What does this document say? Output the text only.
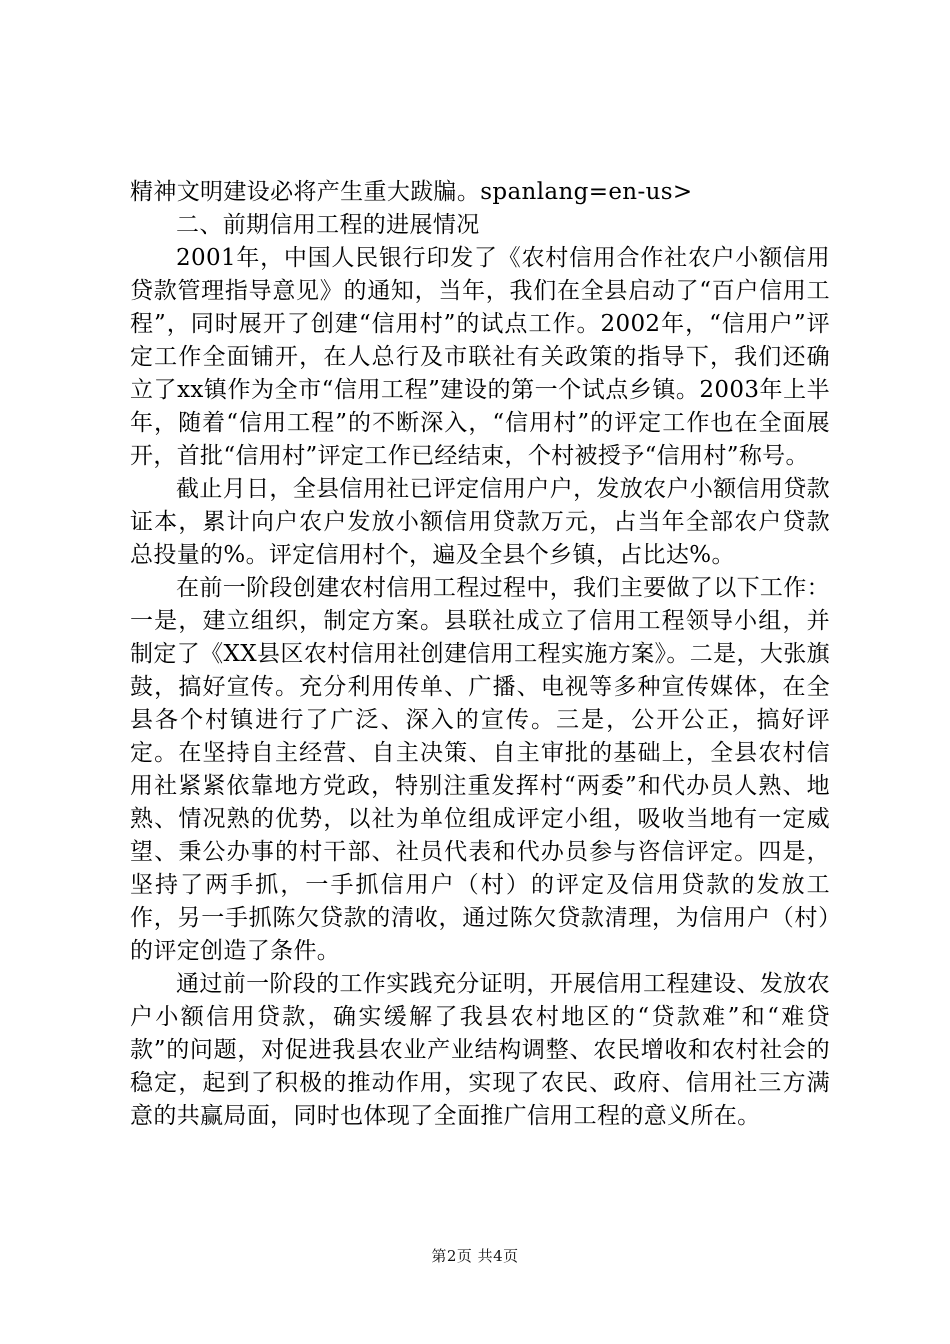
精神文明建设必将产生重大跋牑。spanlang=en-us>

二、前期信用工程的进展情况

2001年，中国人民银行印发了《农村信用合作社农户小额信用贷款管理指导意见》的通知，当年，我们在全县启动了“百户信用工程”，同时展开了创建“信用村”的试点工作。2002年，“信用户”评定工作全面铺开，在人总行及市联社有关政策的指导下，我们还确立了xx镇作为全市“信用工程”建设的第一个试点乡镇。2003年上半年，随着“信用工程”的不断深入，“信用村”的评定工作也在全面展开，首批“信用村”评定工作已经结束，个村被授予“信用村”称号。

截止月日，全县信用社已评定信用户户，发放农户小额信用贷款证本，累计向户农户发放小额信用贷款万元，占当年全部农户贷款总投量的%。评定信用村个，遍及全县个乡镇，占比达%。

在前一阶段创建农村信用工程过程中，我们主要做了以下工作：一是，建立组织，制定方案。县联社成立了信用工程领导小组，并制定了《XX县区农村信用社创建信用工程实施方案》。二是，大张旗鼓，搞好宣传。充分利用传单、广播、电视等多种宣传媒体，在全县各个村镇进行了广泛、深入的宣传。三是，公开公正，搞好评定。在坚持自主经营、自主决策、自主审批的基础上，全县农村信用社紧紧依靠地方党政，特别注重发挥村“两委”和代办员人熟、地熟、情况熟的优势，以社为单位组成评定小组，吸收当地有一定威望、秉公办事的村干部、社员代表和代办员参与咨信评定。四是，坚持了两手抓，一手抓信用户（村）的评定及信用贷款的发放工作，另一手抓陈欠贷款的清收，通过陈欠贷款清理，为信用户（村）的评定创造了条件。

通过前一阶段的工作实践充分证明，开展信用工程建设、发放农户小额信用贷款，确实缓解了我县农村地区的“贷款难”和“难贷款”的问题，对促进我县农业产业结构调整、农民增收和农村社会的稳定，起到了积极的推动作用，实现了农民、政府、信用社三方满意的共赢局面，同时也体现了全面推广信用工程的意义所在。

第2页 共4页
